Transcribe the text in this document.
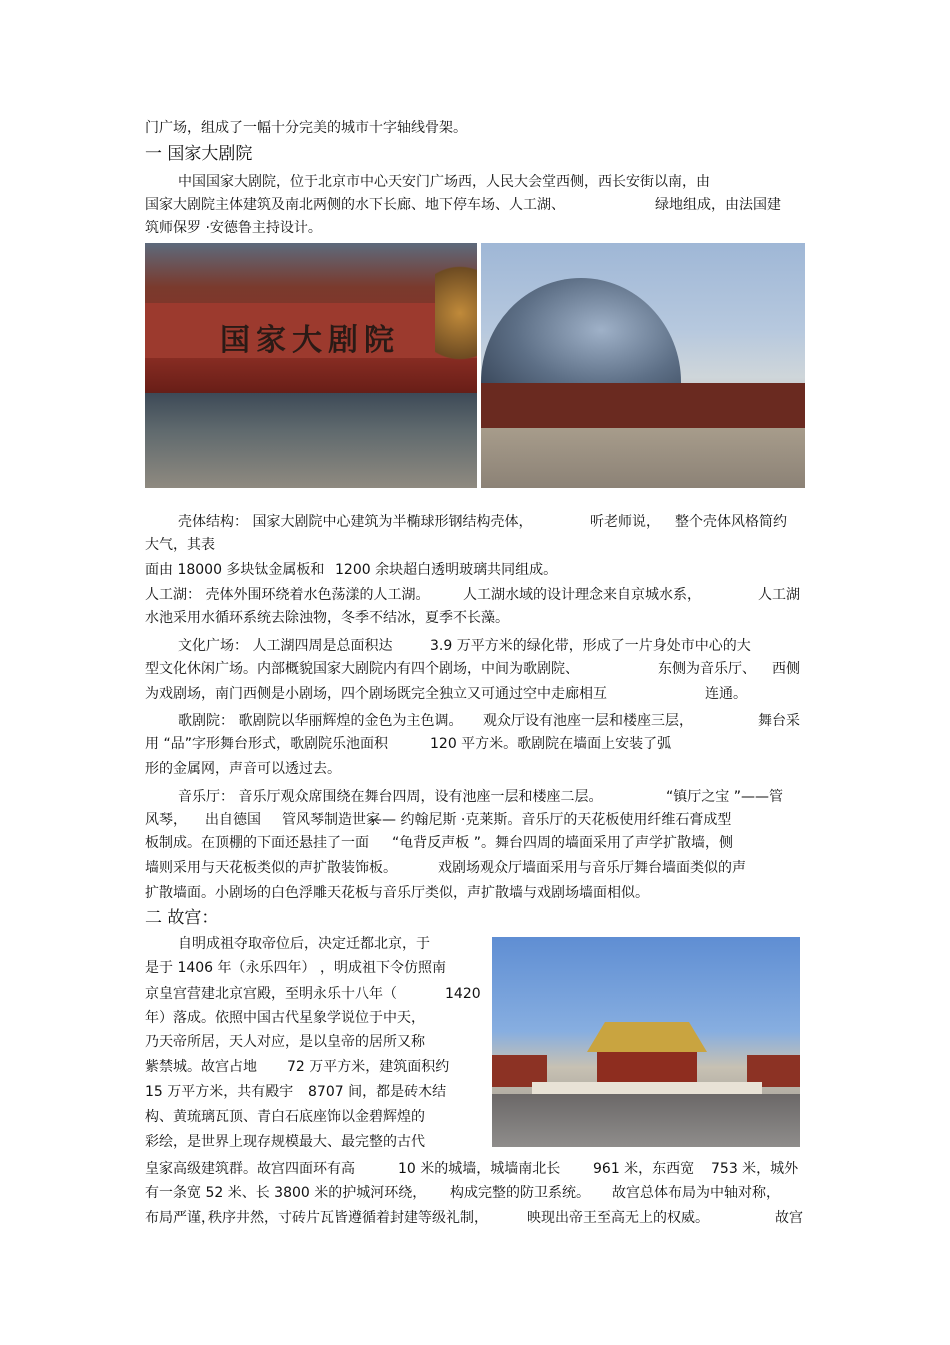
国家大剧院
门广场，组成了一幅十分完美的城市十字轴线骨架。
一 国家大剧院
中国国家大剧院，位于北京市中心天安门广场西，人民大会堂西侧，西长安街以南，由
国家大剧院主体建筑及南北两侧的水下长廊、地下停车场、人工湖、	绿地组成，由法国建
筑师保罗 ·安德鲁主持设计。
壳体结构： 国家大剧院中心建筑为半椭球形钢结构壳体，	听老师说， 整个壳体风格简约
大气，其表
面由 18000 多块钛金属板和 1200 余块超白透明玻璃共同组成。
人工湖： 壳体外围环绕着水色荡漾的人工湖。 人工湖水域的设计理念来自京城水系，	人工湖
水池采用水循环系统去除浊物，冬季不结冰，夏季不长藻。
文化广场： 人工湖四周是总面积达	3.9 万平方米的绿化带，形成了一片身处市中心的大
型文化休闲广场。内部概貌国家大剧院内有四个剧场，中间为歌剧院、	东侧为音乐厅、 西侧
为戏剧场，南门西侧是小剧场，四个剧场既完全独立又可通过空中走廊相互	连通。
歌剧院： 歌剧院以华丽辉煌的金色为主色调。 观众厅设有池座一层和楼座三层，	舞台采
用 “品”字形舞台形式，歌剧院乐池面积	120 平方米。歌剧院在墙面上安装了弧
形的金属网，声音可以透过去。
音乐厅： 音乐厅观众席围绕在舞台四周，设有池座一层和楼座二层。	“镇厅之宝 ”——管
风琴， 出自德国 管风琴制造世家
—— 约翰尼斯 ·克莱斯。音乐厅的天花板使用纤维石膏成型
板制成。在顶棚的下面还悬挂了一面 “龟背反声板 ”。舞台四周的墙面采用了声学扩散墙，侧
墙则采用与天花板类似的声扩散装饰板。	戏剧场观众厅墙面采用与音乐厅舞台墙面类似的声
扩散墙面。小剧场的白色浮雕天花板与音乐厅类似，声扩散墙与戏剧场墙面相似。
二 故宫：
自明成祖夺取帝位后，决定迁都北京，于
是于 1406 年（永乐四年） ，明成祖下令仿照南
京皇宫营建北京宫殿，至明永乐十八年（	1420
年）落成。依照中国古代星象学说位于中天，
乃天帝所居，天人对应，是以皇帝的居所又称
紫禁城。故宫占地 72 万平方米，建筑面积约
15 万平方米，共有殿宇 8707 间，都是砖木结
构、黄琉璃瓦顶、青白石底座饰以金碧辉煌的
彩绘，是世界上现存规模最大、最完整的古代
皇家高级建筑群。故宫四面环有高	10 米的城墙，城墙南北长 961 米，东西宽 753 米，城外
有一条宽 52 米、长 3800 米的护城河环绕， 构成完整的防卫系统。 故宫总体布局为中轴对称，
布局严谨，
秩序井然，寸砖片瓦皆遵循着封建等级礼制，	映现出帝王至高无上的权威。	故宫
